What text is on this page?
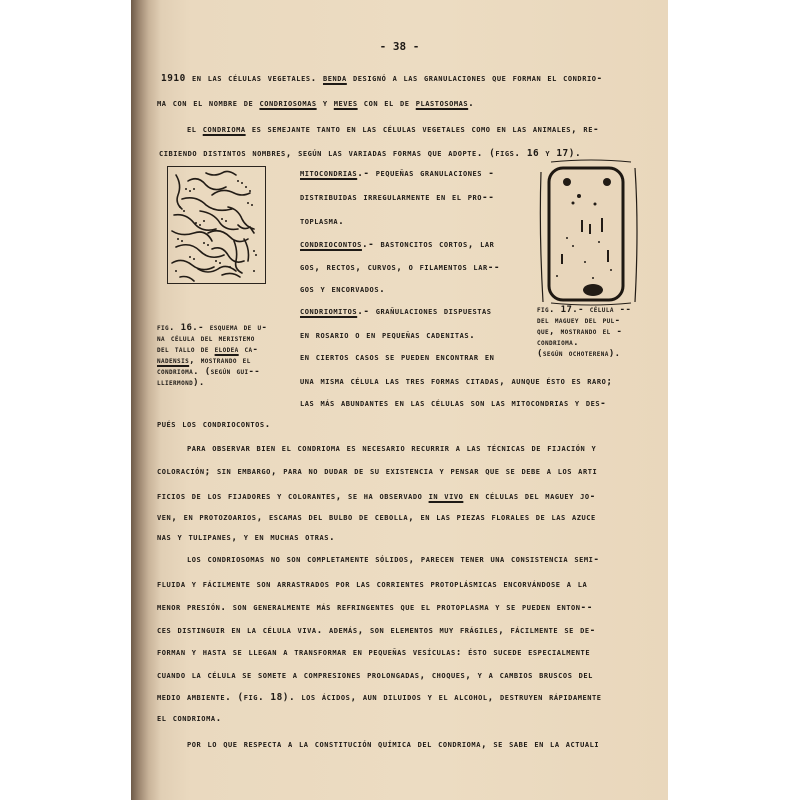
- 38 -
1910 en las células vegetales. benda designó a las granulaciones que forman el condrio-
ma con el nombre de condriosomas y meves con el de plastosomas.
el condrioma es semejante tanto en las células vegetales como en las animales, re-
cibiendo distintos nombres, según las variadas formas que adopte. (figs. 16 y 17).
fig. 16.- esquema de u-
na célula del meristemo
del tallo de elodea ca-
nadensis, mostrando el
condrioma. (según gui--
lliermond).
mitocondrias.- pequeñas granulaciones -
distribuidas irregularmente en el pro--
toplasma.
condriocontos.- bastoncitos cortos, lar
gos, rectos, curvos, o filamentos lar--
gos y encorvados.
condriomitos.- grañulaciones dispuestas
en rosario o en pequeñas cadenitas.
fig. 17.- célula --
del maguey del pul-
que, mostrando el -
condrioma.
(según ochoterena).
en ciertos casos se pueden encontrar en
una misma célula las tres formas citadas, aunque ésto es raro;
las más abundantes en las células son las mitocondrias y des-
pués los condriocontos.
para observar bien el condrioma es necesario recurrir a las técnicas de fijación y
coloración; sin embargo, para no dudar de su existencia y pensar que se debe a los arti
ficios de los fijadores y colorantes, se ha observado in vivo en células del maguey jo-
ven, en protozoarios, escamas del bulbo de cebolla, en las piezas florales de las azuce
nas y tulipanes, y en muchas otras.
los condriosomas no son completamente sólidos, parecen tener una consistencia semi-
fluida y fácilmente son arrastrados por las corrientes protoplásmicas encorvándose a la
menor presión. son generalmente más refringentes que el protoplasma y se pueden enton--
ces distinguir en la célula viva. además, son elementos muy frágiles, fácilmente se de-
forman y hasta se llegan a transformar en pequeñas vesículas: ésto sucede especialmente
cuando la célula se somete a compresiones prolongadas, choques, y a cambios bruscos del
medio ambiente. (fig. 18). los ácidos, aun diluidos y el alcohol, destruyen rápidamente
el condrioma.
por lo que respecta a la constitución química del condrioma, se sabe en la actuali
